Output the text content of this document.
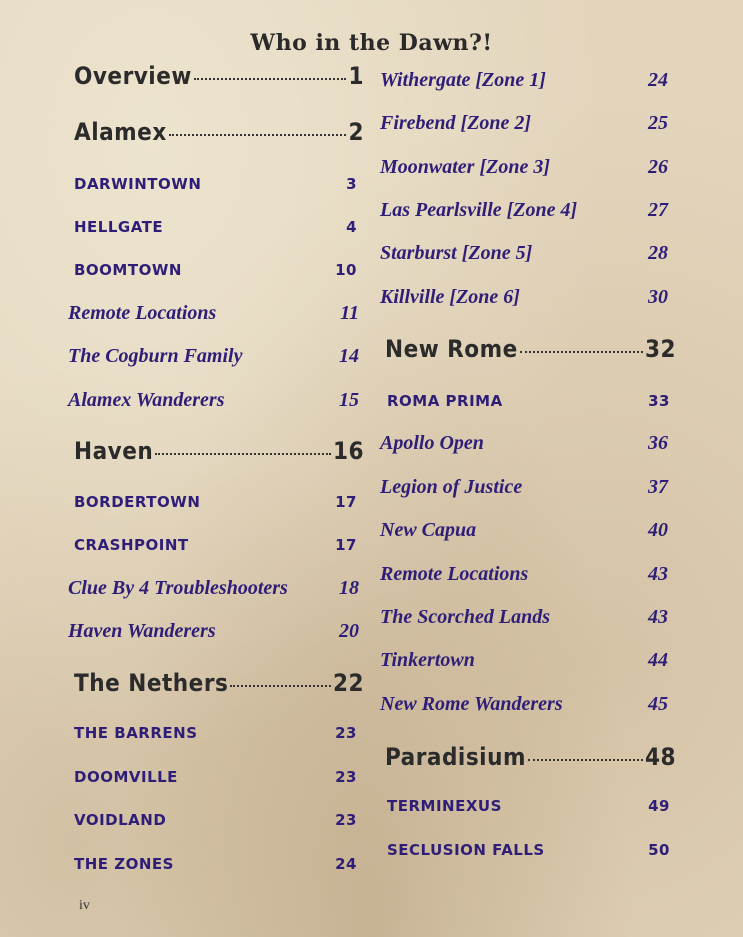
Who in the Dawn?!
Overview	1
Alamex	2
DARWINTOWN	3
HELLGATE	4
BOOMTOWN	10
Remote Locations	11
The Cogburn Family	14
Alamex Wanderers	15
Haven	16
BORDERTOWN	17
CRASHPOINT	17
Clue By 4 Troubleshooters	18
Haven Wanderers	20
The Nethers	22
THE BARRENS	23
DOOMVILLE	23
VOIDLAND	23
THE ZONES	24
Withergate [Zone 1]	24
Firebend [Zone 2]	25
Moonwater [Zone 3]	26
Las Pearlsville [Zone 4]	27
Starburst [Zone 5]	28
Killville [Zone 6]	30
New Rome	32
ROMA PRIMA	33
Apollo Open	36
Legion of Justice	37
New Capua	40
Remote Locations	43
The Scorched Lands	43
Tinkertown	44
New Rome Wanderers	45
Paradisium	48
TERMINEXUS	49
SECLUSION FALLS	50
iv
